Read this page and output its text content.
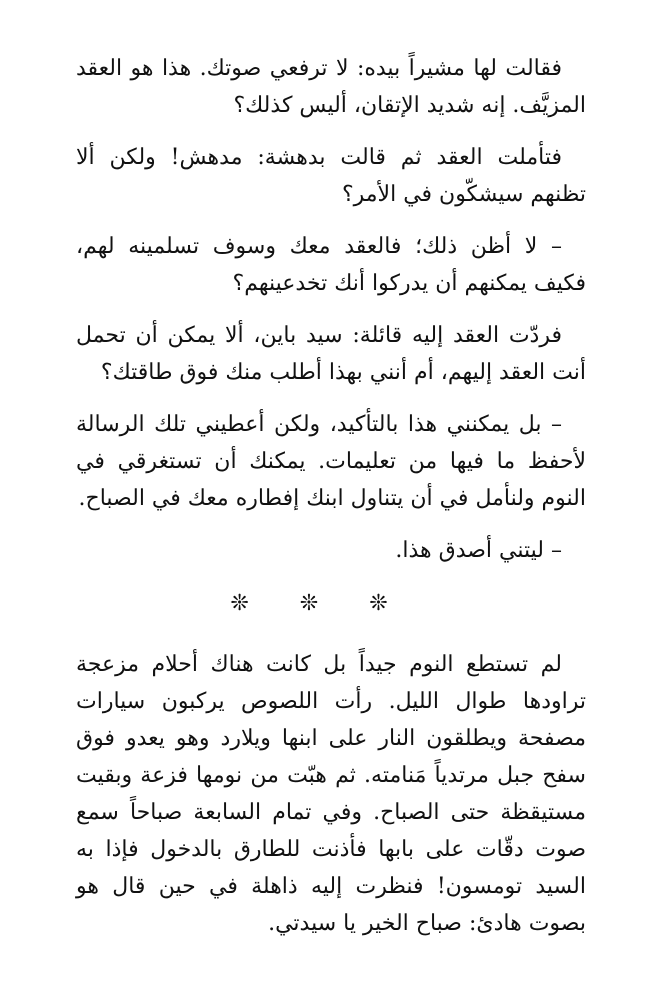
فقالت لها مشيراً بيده: لا ترفعي صوتك. هذا هو العقد المزيَّف. إنه شديد الإتقان، أليس كذلك؟

فتأملت العقد ثم قالت بدهشة: مدهش! ولكن ألا تظنهم سيشكّون في الأمر؟

– لا أظن ذلك؛ فالعقد معك وسوف تسلمينه لهم، فكيف يمكنهم أن يدركوا أنك تخدعينهم؟

فردّت العقد إليه قائلة: سيد باين، ألا يمكن أن تحمل أنت العقد إليهم، أم أنني بهذا أطلب منك فوق طاقتك؟

– بل يمكنني هذا بالتأكيد، ولكن أعطيني تلك الرسالة لأحفظ ما فيها من تعليمات. يمكنك أن تستغرقي في النوم ولنأمل في أن يتناول ابنك إفطاره معك في الصباح.

– ليتني أصدق هذا.

❊ ❊ ❊

لم تستطع النوم جيداً بل كانت هناك أحلام مزعجة تراودها طوال الليل. رأت اللصوص يركبون سيارات مصفحة ويطلقون النار على ابنها ويلارد وهو يعدو فوق سفح جبل مرتدياً مَنامته. ثم هبّت من نومها فزعة وبقيت مستيقظة حتى الصباح. وفي تمام السابعة صباحاً سمع صوت دقّات على بابها فأذنت للطارق بالدخول فإذا به السيد تومسون! فنظرت إليه ذاهلة في حين قال هو بصوت هادئ: صباح الخير يا سيدتي.
